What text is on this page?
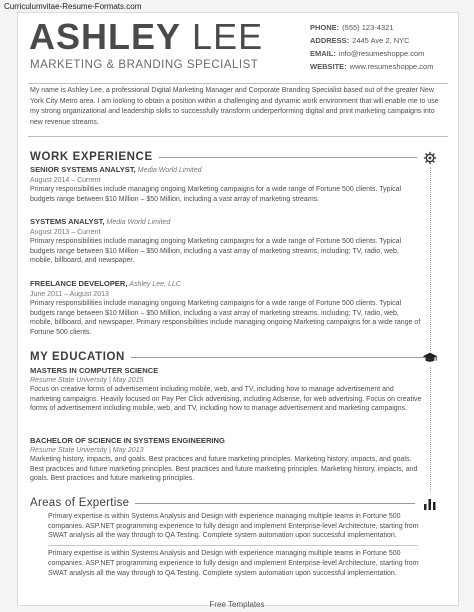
Curriculumvitae-Resume-Formats.com
ASHLEY LEE
MARKETING & BRANDING SPECIALIST
PHONE: (555) 123-4321
ADDRESS: 2445 Ave 2, NYC
EMAIL: info@resumeshoppe.com
WEBSITE: www.resumeshoppe.com
My name is Ashley Lee, a professional Digital Marketing Manager and Corporate Branding Specialist based out of the greater New York City Metro area. I am looking to obtain a position within a challenging and dynamic work environment that will enable me to use my strong organizational and leadership skills to successfully transform underperforming digital and print marketing campaigns into new revenue streams.
WORK EXPERIENCE
SENIOR SYSTEMS ANALYST, Media World Limited
August 2014 – Current

Primary responsibilities include managing ongoing Marketing campaigns for a wide range of Fortune 500 clients. Typical budgets range between $10 Million – $50 Million, including a vast array of marketing streams.

SYSTEMS ANALYST, Media World Limited
August 2013 – Current

Primary responsibilities include managing ongoing Marketing campaigns for a wide range of Fortune 500 clients. Typical budgets range between $10 Million – $50 Million, including a vast array of marketing streams, including; TV, radio, web, mobile, billboard, and newspaper.

FREELANCE DEVELOPER, Ashley Lee, LLC
June 2011 – August 2013

Primary responsibilities include managing ongoing Marketing campaigns for a wide range of Fortune 500 clients. Typical budgets range between $10 Million – $50 Million, including a vast array of marketing streams, including; TV, radio, web, mobile, billboard, and newspaper. Primary responsibilities include managing ongoing Marketing campaigns for a wide range of Fortune 500 clients.

MY EDUCATION
MASTERS IN COMPUTER SCIENCE
Resume State University | May 2015

Focus on creative forms of advertisement including mobile, web, and TV, including how to manage advertisement and marketing campaigns. Heavily focused on Pay Per Click advertising, including Adsense, for web advertising. Focus on creative forms of advertisement including mobile, web, and TV, including how to manage advertisement and marketing campaigns.

BACHELOR OF SCIENCE IN SYSTEMS ENGINEERING
Resume State University | May 2013

Marketing history, impacts, and goals. Best practices and future marketing principles. Marketing history, impacts, and goals. Best practices and future marketing principles. Best practices and future marketing principles. Marketing history, impacts, and goals. Best practices and future marketing principles.

Areas of Expertise

Primary expertise is within Systems Analysis and Design with experience managing multiple teams in Fortune 500 companies. ASP.NET programming experience to fully design and implement Enterprise-level Architecture, starting from SWAT analysis all the way through to QA Testing. Complete system automation upon successful implementation.

Primary expertise is within Systems Analysis and Design with experience managing multiple teams in Fortune 500 companies. ASP.NET programming experience to fully design and implement Enterprise-level Architecture, starting from SWAT analysis all the way through to QA Testing. Complete system automation upon successful implementation.

Free Templates
